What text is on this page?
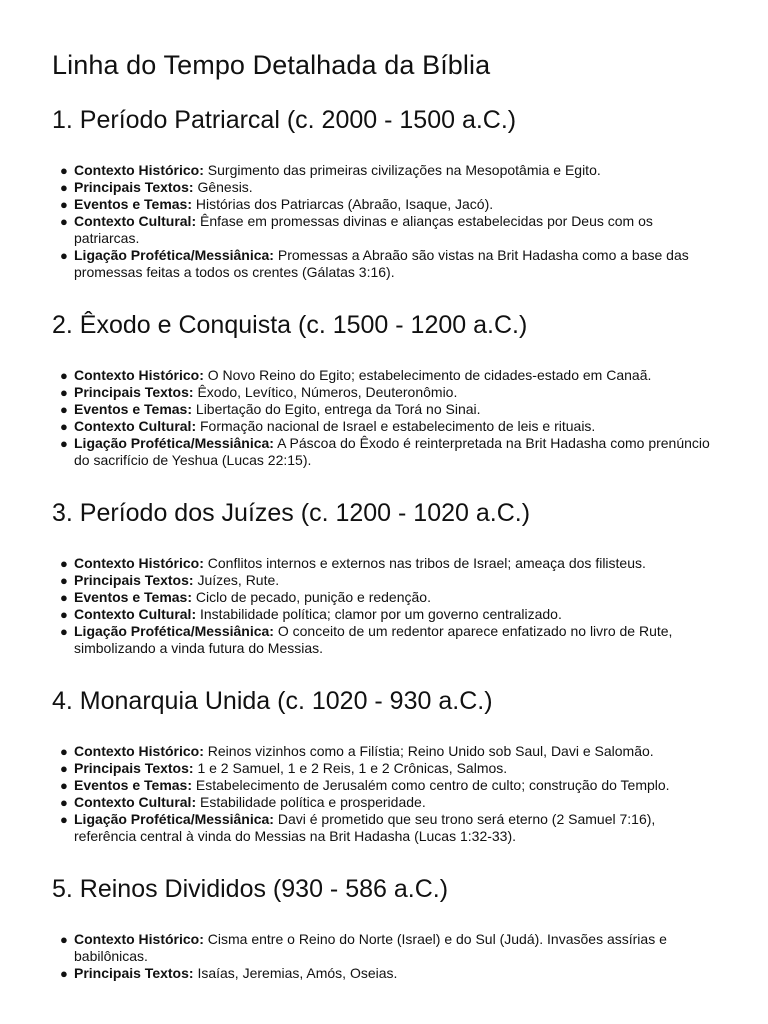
Linha do Tempo Detalhada da Bíblia
1. Período Patriarcal (c. 2000 - 1500 a.C.)
● Contexto Histórico: Surgimento das primeiras civilizações na Mesopotâmia e Egito.
● Principais Textos: Gênesis.
● Eventos e Temas: Histórias dos Patriarcas (Abraão, Isaque, Jacó).
● Contexto Cultural: Ênfase em promessas divinas e alianças estabelecidas por Deus com os patriarcas.
● Ligação Profética/Messiânica: Promessas a Abraão são vistas na Brit Hadasha como a base das promessas feitas a todos os crentes (Gálatas 3:16).
2. Êxodo e Conquista (c. 1500 - 1200 a.C.)
● Contexto Histórico: O Novo Reino do Egito; estabelecimento de cidades-estado em Canaã.
● Principais Textos: Êxodo, Levítico, Números, Deuteronômio.
● Eventos e Temas: Libertação do Egito, entrega da Torá no Sinai.
● Contexto Cultural: Formação nacional de Israel e estabelecimento de leis e rituais.
● Ligação Profética/Messiânica: A Páscoa do Êxodo é reinterpretada na Brit Hadasha como prenúncio do sacrifício de Yeshua (Lucas 22:15).
3. Período dos Juízes (c. 1200 - 1020 a.C.)
● Contexto Histórico: Conflitos internos e externos nas tribos de Israel; ameaça dos filisteus.
● Principais Textos: Juízes, Rute.
● Eventos e Temas: Ciclo de pecado, punição e redenção.
● Contexto Cultural: Instabilidade política; clamor por um governo centralizado.
● Ligação Profética/Messiânica: O conceito de um redentor aparece enfatizado no livro de Rute, simbolizando a vinda futura do Messias.
4. Monarquia Unida (c. 1020 - 930 a.C.)
● Contexto Histórico: Reinos vizinhos como a Filístia; Reino Unido sob Saul, Davi e Salomão.
● Principais Textos: 1 e 2 Samuel, 1 e 2 Reis, 1 e 2 Crônicas, Salmos.
● Eventos e Temas: Estabelecimento de Jerusalém como centro de culto; construção do Templo.
● Contexto Cultural: Estabilidade política e prosperidade.
● Ligação Profética/Messiânica: Davi é prometido que seu trono será eterno (2 Samuel 7:16), referência central à vinda do Messias na Brit Hadasha (Lucas 1:32-33).
5. Reinos Divididos (930 - 586 a.C.)
● Contexto Histórico: Cisma entre o Reino do Norte (Israel) e do Sul (Judá). Invasões assírias e babilônicas.
● Principais Textos: Isaías, Jeremias, Amós, Oseias.
